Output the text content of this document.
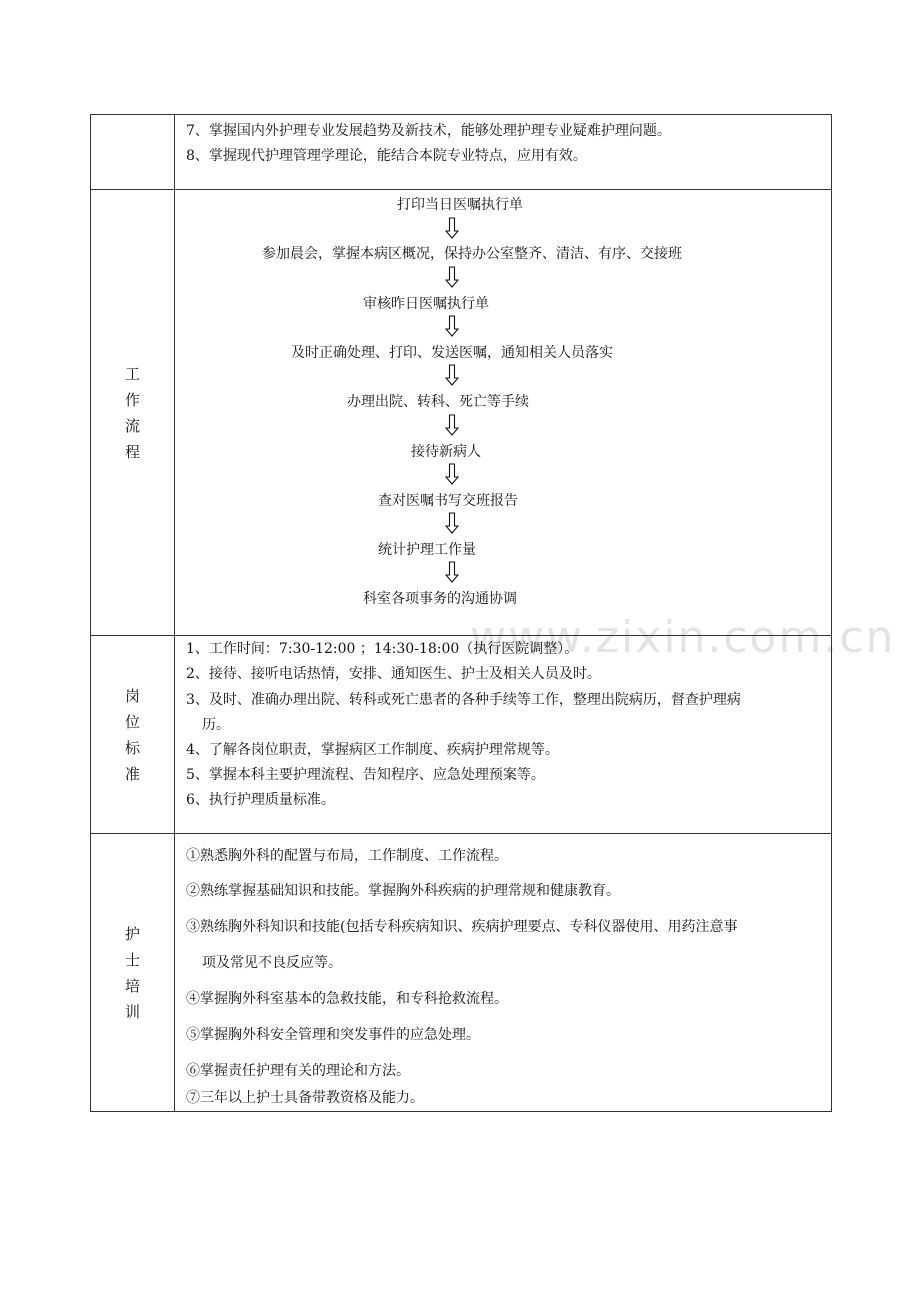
www.zixin.com.cn
7、掌握国内外护理专业发展趋势及新技术，能够处理护理专业疑难护理问题。
8、掌握现代护理管理学理论，能结合本院专业特点，应用有效。
工
作
流
程
打印当日医嘱执行单
参加晨会，掌握本病区概况，保持办公室整齐、清洁、有序、交接班
审核昨日医嘱执行单
及时正确处理、打印、发送医嘱，通知相关人员落实
办理出院、转科、死亡等手续
接待新病人
查对医嘱书写交班报告
统计护理工作量
科室各项事务的沟通协调
岗
位
标
准
1、工作时间：7:30-12:00 ；14:30-18:00（执行医院调整）。
2、接待、接听电话热情，安排、通知医生、护士及相关人员及时。
3、及时、准确办理出院、转科或死亡患者的各种手续等工作，整理出院病历，督查护理病
历。
4、了解各岗位职责，掌握病区工作制度、疾病护理常规等。
5、掌握本科主要护理流程、告知程序、应急处理预案等。
6、执行护理质量标准。
护
士
培
训
①熟悉胸外科的配置与布局，工作制度、工作流程。
②熟练掌握基础知识和技能。掌握胸外科疾病的护理常规和健康教育。
③熟练胸外科知识和技能(包括专科疾病知识、疾病护理要点、专科仪器使用、用药注意事
项及常见不良反应等。
④掌握胸外科室基本的急救技能，和专科抢救流程。
⑤掌握胸外科安全管理和突发事件的应急处理。
⑥掌握责任护理有关的理论和方法。
⑦三年以上护士具备带教资格及能力。
